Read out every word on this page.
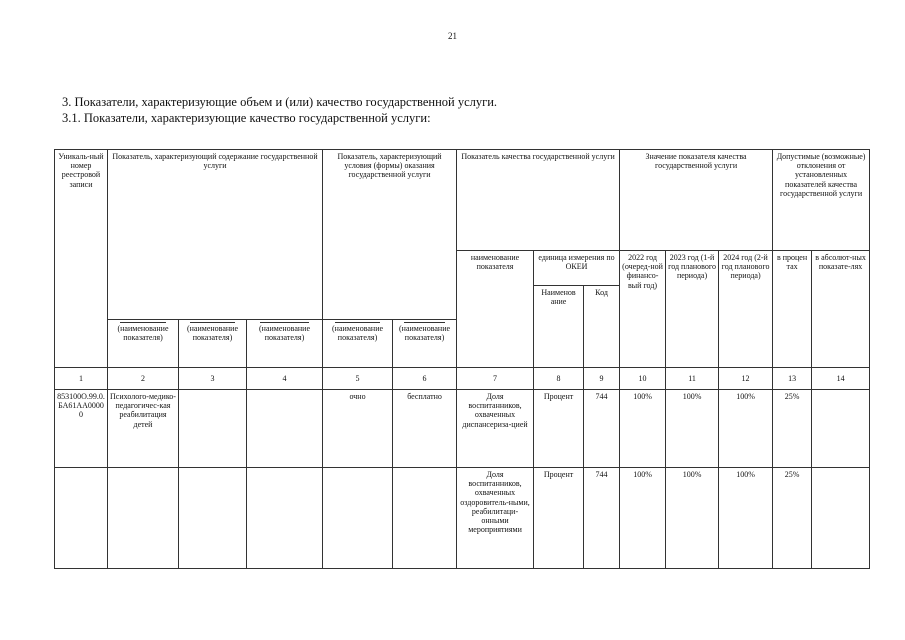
21
3. Показатели, характеризующие объем и (или) качество государственной услуги.
3.1. Показатели, характеризующие качество государственной услуги:
Уникаль-ный номер реестровой записи	Показатель, характеризующий содержание государственной услуги			Показатель, характеризующий условия (формы) оказания государственной услуги		Показатель качества государственной услуги			Значение показателя качества государственной услуги			Допустимые (возможные) отклонения от установленных показателей качества государственной услуги	
						наименование показателя	единица измерения по ОКЕИ		2022 год (очеред-ной финансо-вый год)	2023 год (1-й год планового периода)	2024 год (2-й год планового периода)	в процен тах	в абсолют-ных показате-лях
							Наименов ание	Код					

(наименование показателя)	(наименование показателя)	(наименование показателя)	(наименование показателя)	(наименование показателя)								
1	2	3	4	5	6	7	8	9	10	11	12	13	14
853100О.99.0.БА61АА00000	Психолого-медико-педагогичес-кая реабилитация детей			очно	бесплатно	Доля воспитанников, охваченных диспансериза-цией	Процент	744	100%	100%	100%	25%	
						Доля воспитанников, охваченных оздоровитель-ными, реабилитаци-онными мероприятиями	Процент	744	100%	100%	100%	25%	
